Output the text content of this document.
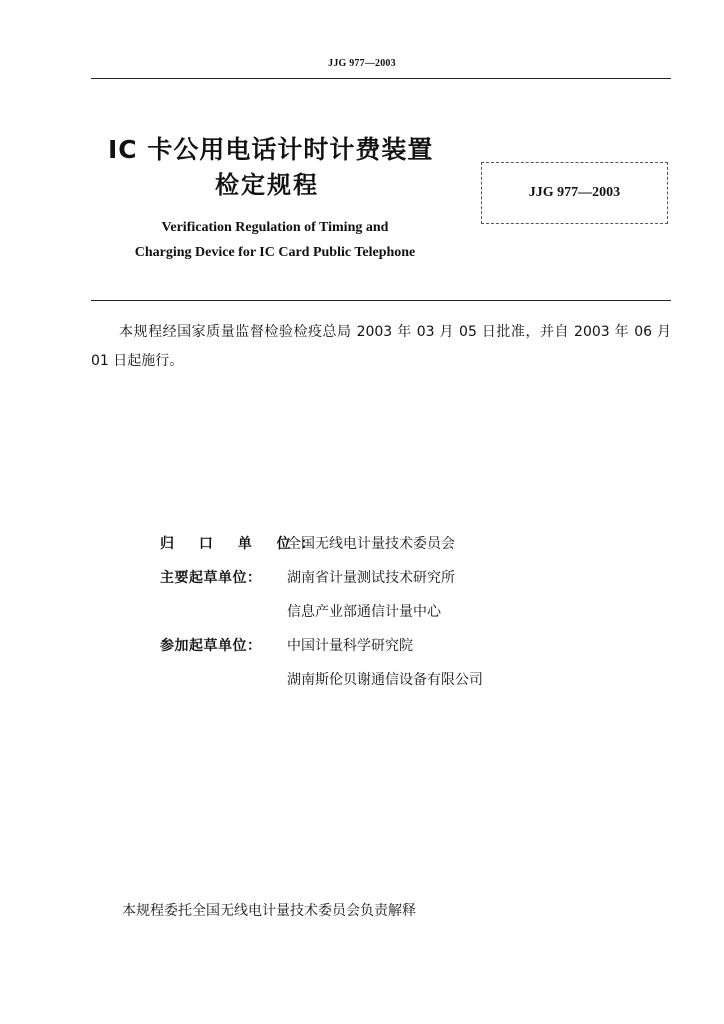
JJG 977—2003
IC 卡公用电话计时计费装置
检定规程	JJG 977—2003
Verification Regulation of Timing and
Charging Device for IC Card Public Telephone
本规程经国家质量监督检验检疫总局 2003 年 03 月 05 日批准，并自 2003 年 06 月 01 日起施行。
归 口 单 位：
全国无线电计量技术委员会
主要起草单位：	湖南省计量测试技术研究所
信息产业部通信计量中心
参加起草单位：	中国计量科学研究院
湖南斯伦贝谢通信设备有限公司
本规程委托全国无线电计量技术委员会负责解释
